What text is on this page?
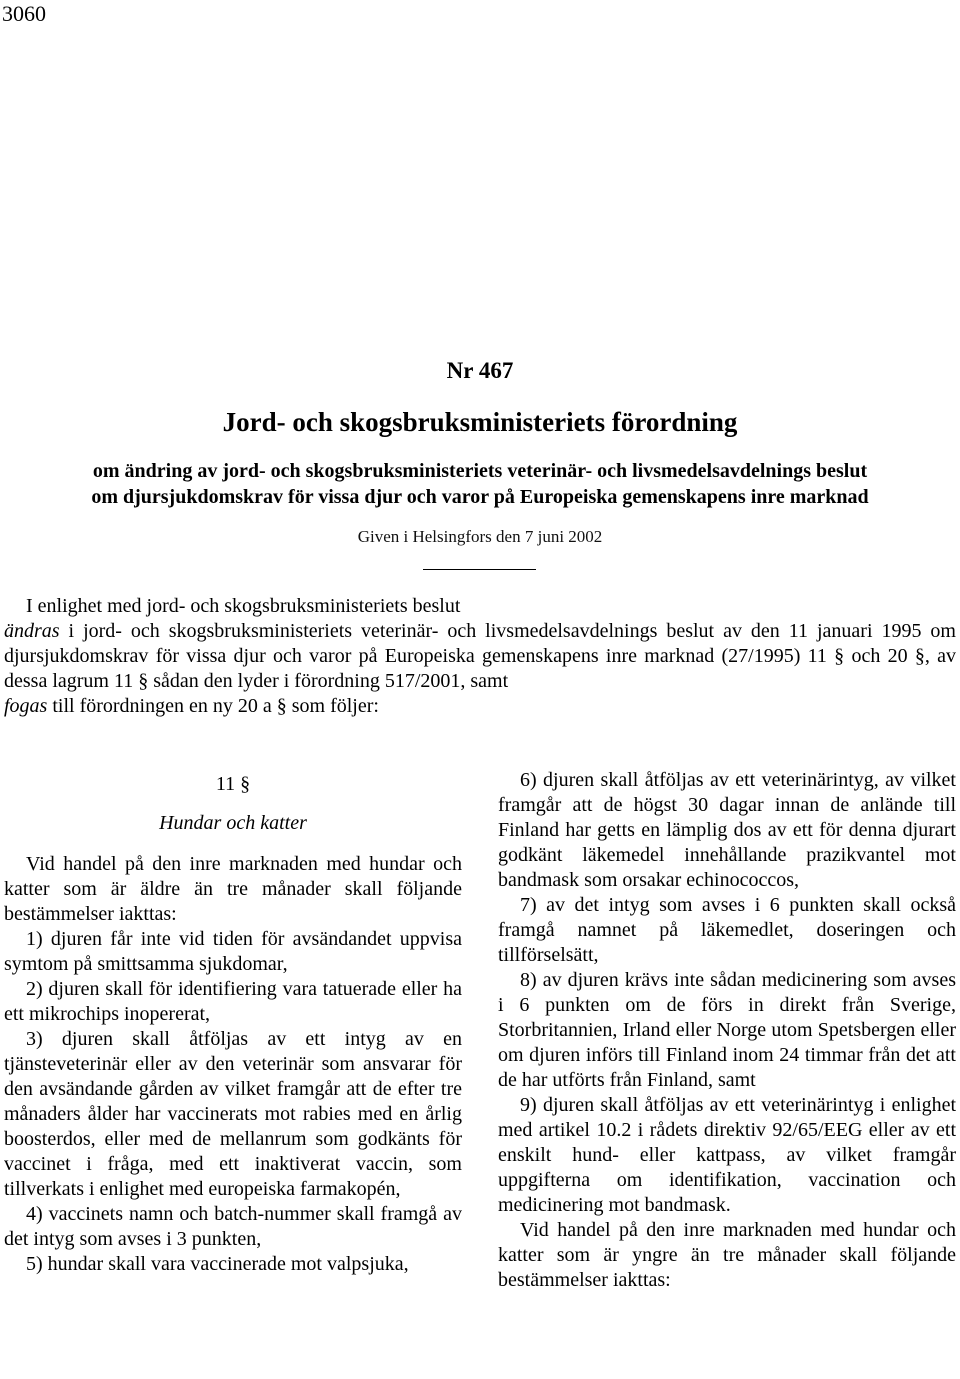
3060
Nr 467
Jord- och skogsbruksministeriets förordning
om ändring av jord- och skogsbruksministeriets veterinär- och livsmedelsavdelnings beslut
om djursjukdomskrav för vissa djur och varor på Europeiska gemenskapens inre marknad
Given i Helsingfors den 7 juni 2002

I enlighet med jord- och skogsbruksministeriets beslut

ändras i jord- och skogsbruksministeriets veterinär- och livsmedelsavdelnings beslut av den 11 januari 1995 om djursjukdomskrav för vissa djur och varor på Europeiska gemenskapens inre marknad (27/1995) 11 § och 20 §, av dessa lagrum 11 § sådan den lyder i förordning 517/2001, samt

fogas till förordningen en ny 20 a § som följer:

11 §

Hundar och katter

Vid handel på den inre marknaden med hundar och katter som är äldre än tre månader skall följande bestämmelser iakttas:

1) djuren får inte vid tiden för avsändandet uppvisa symtom på smittsamma sjukdomar,

2) djuren skall för identifiering vara tatuerade eller ha ett mikrochips inopererat,

3) djuren skall åtföljas av ett intyg av en tjänsteveterinär eller av den veterinär som ansvarar för den avsändande gården av vilket framgår att de efter tre månaders ålder har vaccinerats mot rabies med en årlig boosterdos, eller med de mellanrum som godkänts för vaccinet i fråga, med ett inaktiverat vaccin, som tillverkats i enlighet med europeiska farmakopén,

4) vaccinets namn och batch-nummer skall framgå av det intyg som avses i 3 punkten,

5) hundar skall vara vaccinerade mot valpsjuka,

6) djuren skall åtföljas av ett veterinärintyg, av vilket framgår att de högst 30 dagar innan de anlände till Finland har getts en lämplig dos av ett för denna djurart godkänt läkemedel innehållande prazikvantel mot bandmask som orsakar echinococcos,

7) av det intyg som avses i 6 punkten skall också framgå namnet på läkemedlet, doseringen och tillförselsätt,

8) av djuren krävs inte sådan medicinering som avses i 6 punkten om de förs in direkt från Sverige, Storbritannien, Irland eller Norge utom Spetsbergen eller om djuren införs till Finland inom 24 timmar från det att de har utförts från Finland, samt

9) djuren skall åtföljas av ett veterinärintyg i enlighet med artikel 10.2 i rådets direktiv 92/65/EEG eller av ett enskilt hund- eller kattpass, av vilket framgår uppgifterna om identifikation, vaccination och medicinering mot bandmask.

Vid handel på den inre marknaden med hundar och katter som är yngre än tre månader skall följande bestämmelser iakttas:
